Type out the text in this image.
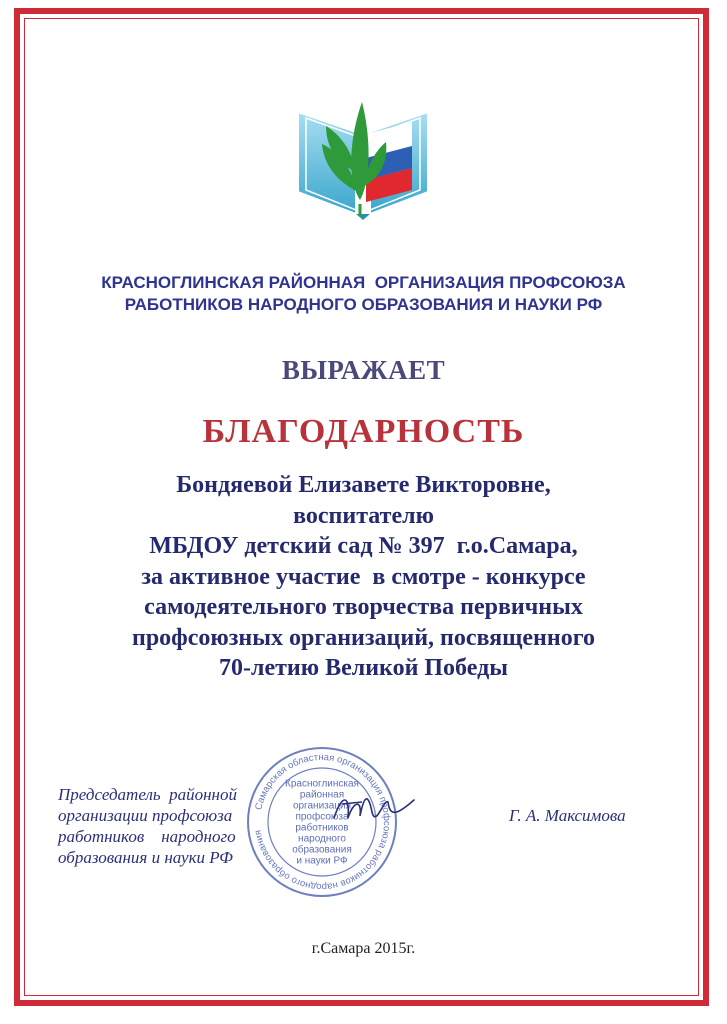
КРАСНОГЛИНСКАЯ РАЙОННАЯ  ОРГАНИЗАЦИЯ ПРОФСОЮЗА
РАБОТНИКОВ НАРОДНОГО ОБРАЗОВАНИЯ И НАУКИ РФ
ВЫРАЖАЕТ
БЛАГОДАРНОСТЬ
Бондяевой Елизавете Викторовне,
воспитателю
МБДОУ детский сад № 397  г.о.Самара,
за активное участие  в смотре - конкурсе
самодеятельного творчества первичных
профсоюзных организаций, посвященного
70-летию Великой Победы
Председатель  районной
организации профсоюза
работников    народного
образования и науки РФ
Самарская областная организация профсоюза работников народного образования
Красноглинская
районная
организация
профсоюза
работников
народного
образования
и науки РФ
Г. А. Максимова
г.Самара 2015г.
